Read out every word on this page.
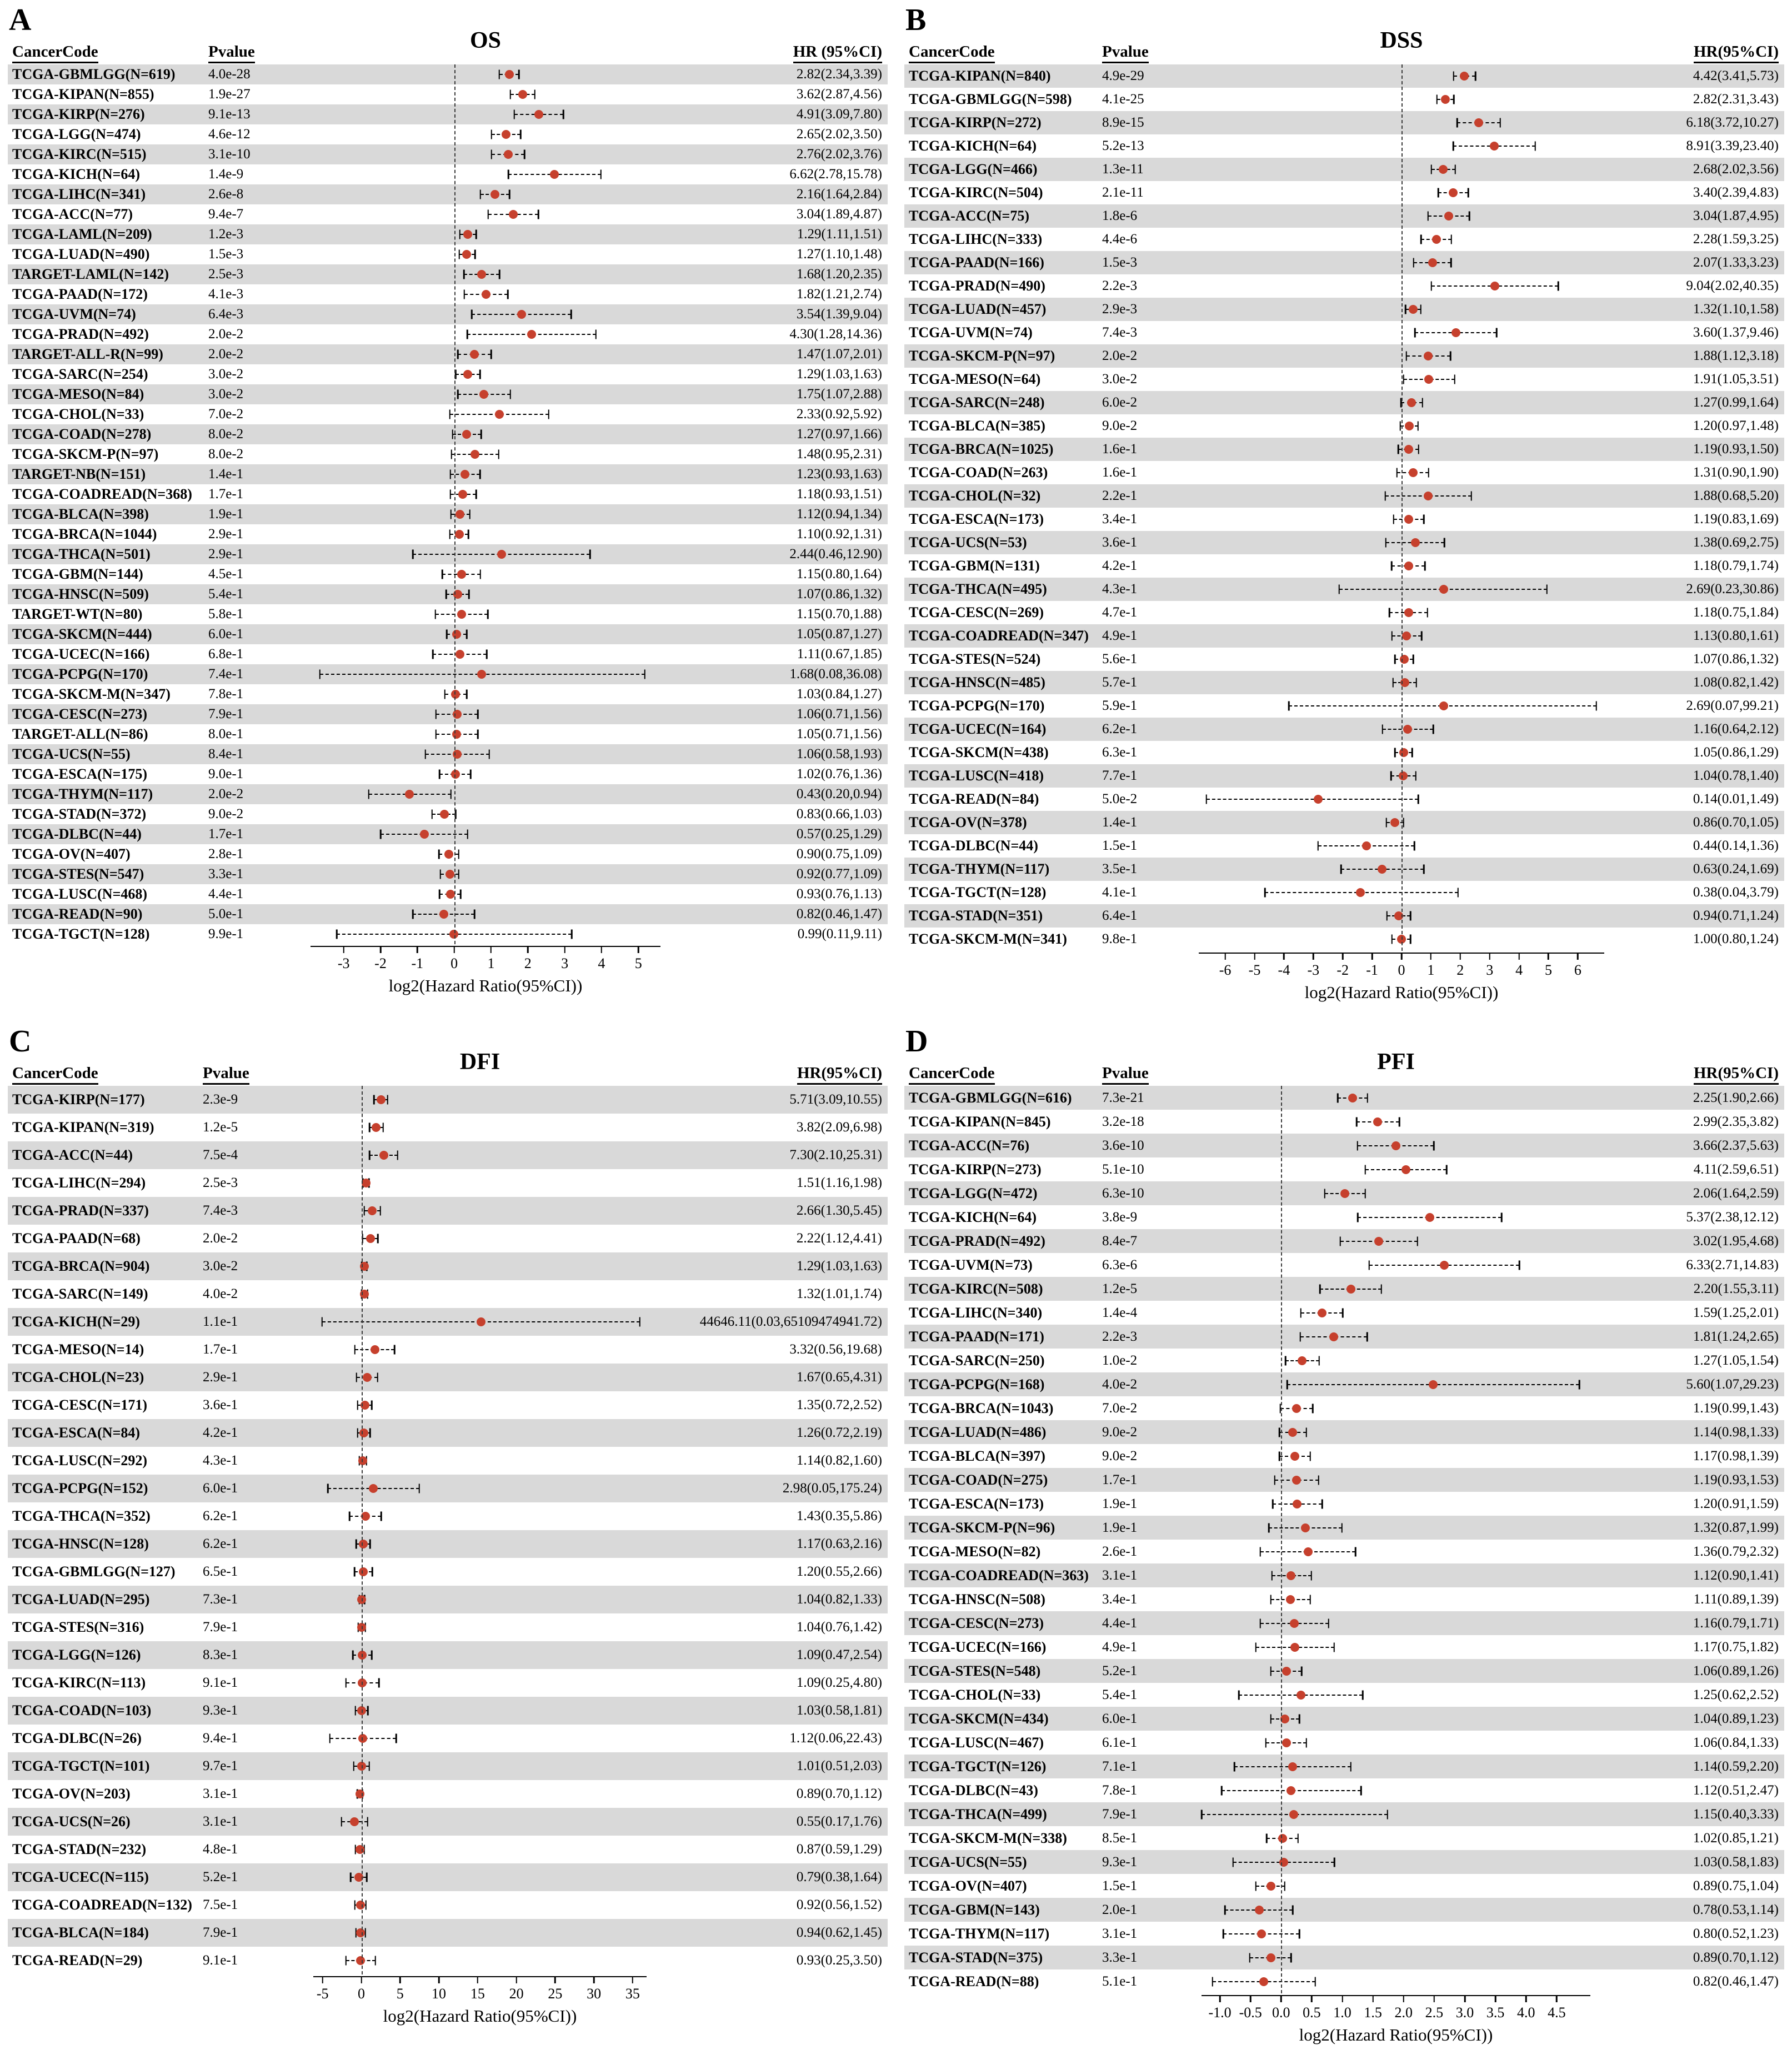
A
CancerCode	Pvalue	OS	HR (95%CI)
TCGA-GBMLGG(N=619)	4.0e-28	2.82(2.34,3.39)
TCGA-KIPAN(N=855)	1.9e-27	3.62(2.87,4.56)
TCGA-KIRP(N=276)	9.1e-13	4.91(3.09,7.80)
TCGA-LGG(N=474)	4.6e-12	2.65(2.02,3.50)
TCGA-KIRC(N=515)	3.1e-10	2.76(2.02,3.76)
TCGA-KICH(N=64)	1.4e-9	6.62(2.78,15.78)
TCGA-LIHC(N=341)	2.6e-8	2.16(1.64,2.84)
TCGA-ACC(N=77)	9.4e-7	3.04(1.89,4.87)
TCGA-LAML(N=209)	1.2e-3	1.29(1.11,1.51)
TCGA-LUAD(N=490)	1.5e-3	1.27(1.10,1.48)
TARGET-LAML(N=142)	2.5e-3	1.68(1.20,2.35)
TCGA-PAAD(N=172)	4.1e-3	1.82(1.21,2.74)
TCGA-UVM(N=74)	6.4e-3	3.54(1.39,9.04)
TCGA-PRAD(N=492)	2.0e-2	4.30(1.28,14.36)
TARGET-ALL-R(N=99)	2.0e-2	1.47(1.07,2.01)
TCGA-SARC(N=254)	3.0e-2	1.29(1.03,1.63)
TCGA-MESO(N=84)	3.0e-2	1.75(1.07,2.88)
TCGA-CHOL(N=33)	7.0e-2	2.33(0.92,5.92)
TCGA-COAD(N=278)	8.0e-2	1.27(0.97,1.66)
TCGA-SKCM-P(N=97)	8.0e-2	1.48(0.95,2.31)
TARGET-NB(N=151)	1.4e-1	1.23(0.93,1.63)
TCGA-COADREAD(N=368)	1.7e-1	1.18(0.93,1.51)
TCGA-BLCA(N=398)	1.9e-1	1.12(0.94,1.34)
TCGA-BRCA(N=1044)	2.9e-1	1.10(0.92,1.31)
TCGA-THCA(N=501)	2.9e-1	2.44(0.46,12.90)
TCGA-GBM(N=144)	4.5e-1	1.15(0.80,1.64)
TCGA-HNSC(N=509)	5.4e-1	1.07(0.86,1.32)
TARGET-WT(N=80)	5.8e-1	1.15(0.70,1.88)
TCGA-SKCM(N=444)	6.0e-1	1.05(0.87,1.27)
TCGA-UCEC(N=166)	6.8e-1	1.11(0.67,1.85)
TCGA-PCPG(N=170)	7.4e-1	1.68(0.08,36.08)
TCGA-SKCM-M(N=347)	7.8e-1	1.03(0.84,1.27)
TCGA-CESC(N=273)	7.9e-1	1.06(0.71,1.56)
TARGET-ALL(N=86)	8.0e-1	1.05(0.71,1.56)
TCGA-UCS(N=55)	8.4e-1	1.06(0.58,1.93)
TCGA-ESCA(N=175)	9.0e-1	1.02(0.76,1.36)
TCGA-THYM(N=117)	2.0e-2	0.43(0.20,0.94)
TCGA-STAD(N=372)	9.0e-2	0.83(0.66,1.03)
TCGA-DLBC(N=44)	1.7e-1	0.57(0.25,1.29)
TCGA-OV(N=407)	2.8e-1	0.90(0.75,1.09)
TCGA-STES(N=547)	3.3e-1	0.92(0.77,1.09)
TCGA-LUSC(N=468)	4.4e-1	0.93(0.76,1.13)
TCGA-READ(N=90)	5.0e-1	0.82(0.46,1.47)
TCGA-TGCT(N=128)	9.9e-1	0.99(0.11,9.11)
-3 -2 -1 0 1 2 3 4 5
log2(Hazard Ratio(95%CI))
B
CancerCode	Pvalue	DSS	HR(95%CI)
TCGA-KIPAN(N=840)	4.9e-29	4.42(3.41,5.73)
TCGA-GBMLGG(N=598)	4.1e-25	2.82(2.31,3.43)
TCGA-KIRP(N=272)	8.9e-15	6.18(3.72,10.27)
TCGA-KICH(N=64)	5.2e-13	8.91(3.39,23.40)
TCGA-LGG(N=466)	1.3e-11	2.68(2.02,3.56)
TCGA-KIRC(N=504)	2.1e-11	3.40(2.39,4.83)
TCGA-ACC(N=75)	1.8e-6	3.04(1.87,4.95)
TCGA-LIHC(N=333)	4.4e-6	2.28(1.59,3.25)
TCGA-PAAD(N=166)	1.5e-3	2.07(1.33,3.23)
TCGA-PRAD(N=490)	2.2e-3	9.04(2.02,40.35)
TCGA-LUAD(N=457)	2.9e-3	1.32(1.10,1.58)
TCGA-UVM(N=74)	7.4e-3	3.60(1.37,9.46)
TCGA-SKCM-P(N=97)	2.0e-2	1.88(1.12,3.18)
TCGA-MESO(N=64)	3.0e-2	1.91(1.05,3.51)
TCGA-SARC(N=248)	6.0e-2	1.27(0.99,1.64)
TCGA-BLCA(N=385)	9.0e-2	1.20(0.97,1.48)
TCGA-BRCA(N=1025)	1.6e-1	1.19(0.93,1.50)
TCGA-COAD(N=263)	1.6e-1	1.31(0.90,1.90)
TCGA-CHOL(N=32)	2.2e-1	1.88(0.68,5.20)
TCGA-ESCA(N=173)	3.4e-1	1.19(0.83,1.69)
TCGA-UCS(N=53)	3.6e-1	1.38(0.69,2.75)
TCGA-GBM(N=131)	4.2e-1	1.18(0.79,1.74)
TCGA-THCA(N=495)	4.3e-1	2.69(0.23,30.86)
TCGA-CESC(N=269)	4.7e-1	1.18(0.75,1.84)
TCGA-COADREAD(N=347) 4.9e-1	1.13(0.80,1.61)
TCGA-STES(N=524)	5.6e-1	1.07(0.86,1.32)
TCGA-HNSC(N=485)	5.7e-1	1.08(0.82,1.42)
TCGA-PCPG(N=170)	5.9e-1	2.69(0.07,99.21)
TCGA-UCEC(N=164)	6.2e-1	1.16(0.64,2.12)
TCGA-SKCM(N=438)	6.3e-1	1.05(0.86,1.29)
TCGA-LUSC(N=418)	7.7e-1	1.04(0.78,1.40)
TCGA-READ(N=84)	5.0e-2	0.14(0.01,1.49)
TCGA-OV(N=378)	1.4e-1	0.86(0.70,1.05)
TCGA-DLBC(N=44)	1.5e-1	0.44(0.14,1.36)
TCGA-THYM(N=117)	3.5e-1	0.63(0.24,1.69)
TCGA-TGCT(N=128)	4.1e-1	0.38(0.04,3.79)
TCGA-STAD(N=351)	6.4e-1	0.94(0.71,1.24)
TCGA-SKCM-M(N=341)	9.8e-1	1.00(0.80,1.24)
-6 -5 -4 -3 -2 -1 0 1 2 3 4 5 6
log2(Hazard Ratio(95%CI))
C
CancerCode	Pvalue	DFI	HR(95%CI)
TCGA-KIRP(N=177)	2.3e-9	5.71(3.09,10.55)
TCGA-KIPAN(N=319)	1.2e-5	3.82(2.09,6.98)
TCGA-ACC(N=44)	7.5e-4	7.30(2.10,25.31)
TCGA-LIHC(N=294)	2.5e-3	1.51(1.16,1.98)
TCGA-PRAD(N=337)	7.4e-3	2.66(1.30,5.45)
TCGA-PAAD(N=68)	2.0e-2	2.22(1.12,4.41)
TCGA-BRCA(N=904)	3.0e-2	1.29(1.03,1.63)
TCGA-SARC(N=149)	4.0e-2	1.32(1.01,1.74)
TCGA-KICH(N=29)	1.1e-1	44646.11(0.03,65109474941.72)
TCGA-MESO(N=14)	1.7e-1	3.32(0.56,19.68)
TCGA-CHOL(N=23)	2.9e-1	1.67(0.65,4.31)
TCGA-CESC(N=171)	3.6e-1	1.35(0.72,2.52)
TCGA-ESCA(N=84)	4.2e-1	1.26(0.72,2.19)
TCGA-LUSC(N=292)	4.3e-1	1.14(0.82,1.60)
TCGA-PCPG(N=152)	6.0e-1	2.98(0.05,175.24)
TCGA-THCA(N=352)	6.2e-1	1.43(0.35,5.86)
TCGA-HNSC(N=128)	6.2e-1	1.17(0.63,2.16)
TCGA-GBMLGG(N=127)	6.5e-1	1.20(0.55,2.66)
TCGA-LUAD(N=295)	7.3e-1	1.04(0.82,1.33)
TCGA-STES(N=316)	7.9e-1	1.04(0.76,1.42)
TCGA-LGG(N=126)	8.3e-1	1.09(0.47,2.54)
TCGA-KIRC(N=113)	9.1e-1	1.09(0.25,4.80)
TCGA-COAD(N=103)	9.3e-1	1.03(0.58,1.81)
TCGA-DLBC(N=26)	9.4e-1	1.12(0.06,22.43)
TCGA-TGCT(N=101)	9.7e-1	1.01(0.51,2.03)
TCGA-OV(N=203)	3.1e-1	0.89(0.70,1.12)
TCGA-UCS(N=26)	3.1e-1	0.55(0.17,1.76)
TCGA-STAD(N=232)	4.8e-1	0.87(0.59,1.29)
TCGA-UCEC(N=115)	5.2e-1	0.79(0.38,1.64)
TCGA-COADREAD(N=132) 7.5e-1	0.92(0.56,1.52)
TCGA-BLCA(N=184)	7.9e-1	0.94(0.62,1.45)
TCGA-READ(N=29)	9.1e-1	0.93(0.25,3.50)
-5 0 5 10 15 20 25 30 35
log2(Hazard Ratio(95%CI))
D
CancerCode	Pvalue	PFI	HR(95%CI)
TCGA-GBMLGG(N=616)	7.3e-21	2.25(1.90,2.66)
TCGA-KIPAN(N=845)	3.2e-18	2.99(2.35,3.82)
TCGA-ACC(N=76)	3.6e-10	3.66(2.37,5.63)
TCGA-KIRP(N=273)	5.1e-10	4.11(2.59,6.51)
TCGA-LGG(N=472)	6.3e-10	2.06(1.64,2.59)
TCGA-KICH(N=64)	3.8e-9	5.37(2.38,12.12)
TCGA-PRAD(N=492)	8.4e-7	3.02(1.95,4.68)
TCGA-UVM(N=73)	6.3e-6	6.33(2.71,14.83)
TCGA-KIRC(N=508)	1.2e-5	2.20(1.55,3.11)
TCGA-LIHC(N=340)	1.4e-4	1.59(1.25,2.01)
TCGA-PAAD(N=171)	2.2e-3	1.81(1.24,2.65)
TCGA-SARC(N=250)	1.0e-2	1.27(1.05,1.54)
TCGA-PCPG(N=168)	4.0e-2	5.60(1.07,29.23)
TCGA-BRCA(N=1043)	7.0e-2	1.19(0.99,1.43)
TCGA-LUAD(N=486)	9.0e-2	1.14(0.98,1.33)
TCGA-BLCA(N=397)	9.0e-2	1.17(0.98,1.39)
TCGA-COAD(N=275)	1.7e-1	1.19(0.93,1.53)
TCGA-ESCA(N=173)	1.9e-1	1.20(0.91,1.59)
TCGA-SKCM-P(N=96)	1.9e-1	1.32(0.87,1.99)
TCGA-MESO(N=82)	2.6e-1	1.36(0.79,2.32)
TCGA-COADREAD(N=363) 3.1e-1	1.12(0.90,1.41)
TCGA-HNSC(N=508)	3.4e-1	1.11(0.89,1.39)
TCGA-CESC(N=273)	4.4e-1	1.16(0.79,1.71)
TCGA-UCEC(N=166)	4.9e-1	1.17(0.75,1.82)
TCGA-STES(N=548)	5.2e-1	1.06(0.89,1.26)
TCGA-CHOL(N=33)	5.4e-1	1.25(0.62,2.52)
TCGA-SKCM(N=434)	6.0e-1	1.04(0.89,1.23)
TCGA-LUSC(N=467)	6.1e-1	1.06(0.84,1.33)
TCGA-TGCT(N=126)	7.1e-1	1.14(0.59,2.20)
TCGA-DLBC(N=43)	7.8e-1	1.12(0.51,2.47)
TCGA-THCA(N=499)	7.9e-1	1.15(0.40,3.33)
TCGA-SKCM-M(N=338)	8.5e-1	1.02(0.85,1.21)
TCGA-UCS(N=55)	9.3e-1	1.03(0.58,1.83)
TCGA-OV(N=407)	1.5e-1	0.89(0.75,1.04)
TCGA-GBM(N=143)	2.0e-1	0.78(0.53,1.14)
TCGA-THYM(N=117)	3.1e-1	0.80(0.52,1.23)
TCGA-STAD(N=375)	3.3e-1	0.89(0.70,1.12)
TCGA-READ(N=88)	5.1e-1	0.82(0.46,1.47)
-1.0 -0.5 0.0 0.5 1.0 1.5 2.0 2.5 3.0 3.5 4.0 4.5
log2(Hazard Ratio(95%CI))
